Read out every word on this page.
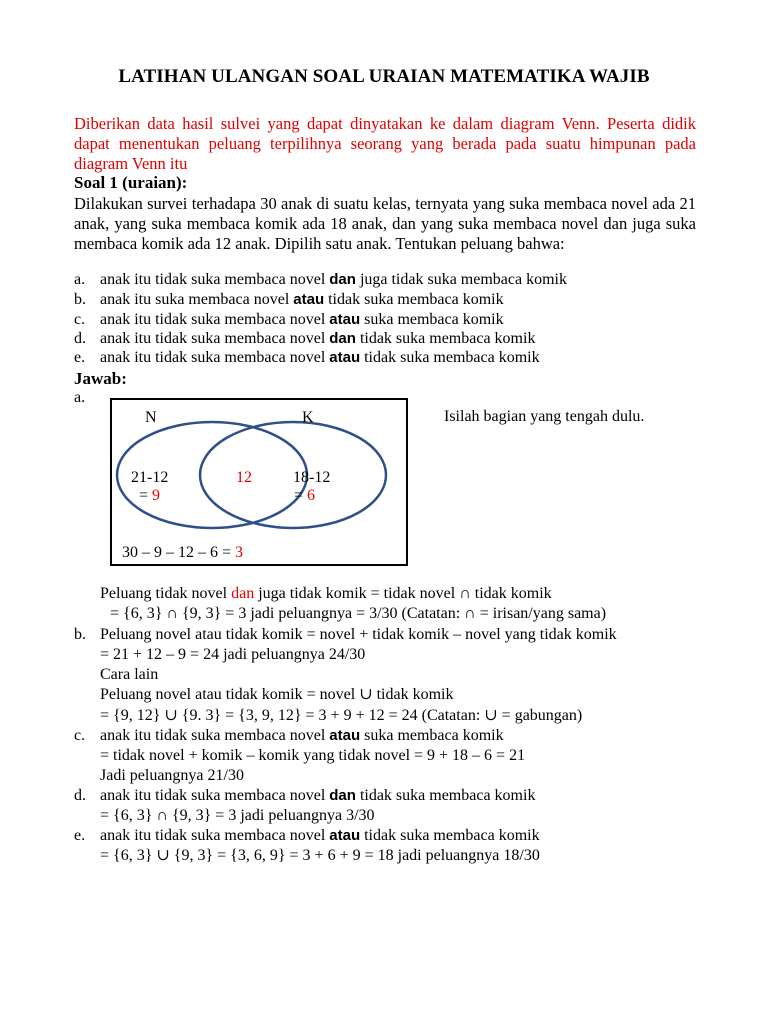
LATIHAN ULANGAN SOAL URAIAN MATEMATIKA WAJIB
Diberikan data hasil sulvei yang dapat dinyatakan ke dalam diagram Venn. Peserta didik dapat menentukan peluang terpilihnya seorang yang berada pada suatu himpunan pada diagram Venn itu
Soal 1 (uraian):
Dilakukan survei terhadapa 30 anak di suatu kelas, ternyata yang suka membaca novel ada 21 anak, yang suka membaca komik ada 18 anak, dan yang suka membaca novel dan juga suka membaca komik ada 12 anak. Dipilih satu anak. Tentukan peluang bahwa:
a. anak itu tidak suka membaca novel dan juga tidak suka membaca komik
b. anak itu suka membaca novel atau tidak suka membaca komik
c. anak itu tidak suka membaca novel atau suka membaca komik
d. anak itu tidak suka membaca novel dan tidak suka membaca komik
e. anak itu tidak suka membaca novel atau tidak suka membaca komik
Jawab:
a.
N	K
21-12
= 9
12	18-12
= 6
30 – 9 – 12 – 6 = 3
Isilah bagian yang tengah dulu.
Peluang tidak novel dan juga tidak komik = tidak novel ∩ tidak komik
= {6, 3} ∩ {9, 3} = 3 jadi peluangnya = 3/30 (Catatan: ∩ = irisan/yang sama)
b. Peluang novel atau tidak komik = novel + tidak komik – novel yang tidak komik
= 21 + 12 – 9 = 24 jadi peluangnya 24/30
Cara lain
Peluang novel atau tidak komik = novel ∪ tidak komik
= {9, 12} ∪ {9. 3} = {3, 9, 12} = 3 + 9 + 12 = 24 (Catatan: ∪ = gabungan)
c. anak itu tidak suka membaca novel atau suka membaca komik
= tidak novel + komik – komik yang tidak novel = 9 + 18 – 6 = 21
Jadi peluangnya 21/30
d. anak itu tidak suka membaca novel dan tidak suka membaca komik
= {6, 3} ∩ {9, 3} = 3 jadi peluangnya 3/30
e. anak itu tidak suka membaca novel atau tidak suka membaca komik
= {6, 3} ∪ {9, 3} = {3, 6, 9} = 3 + 6 + 9 = 18 jadi peluangnya 18/30
